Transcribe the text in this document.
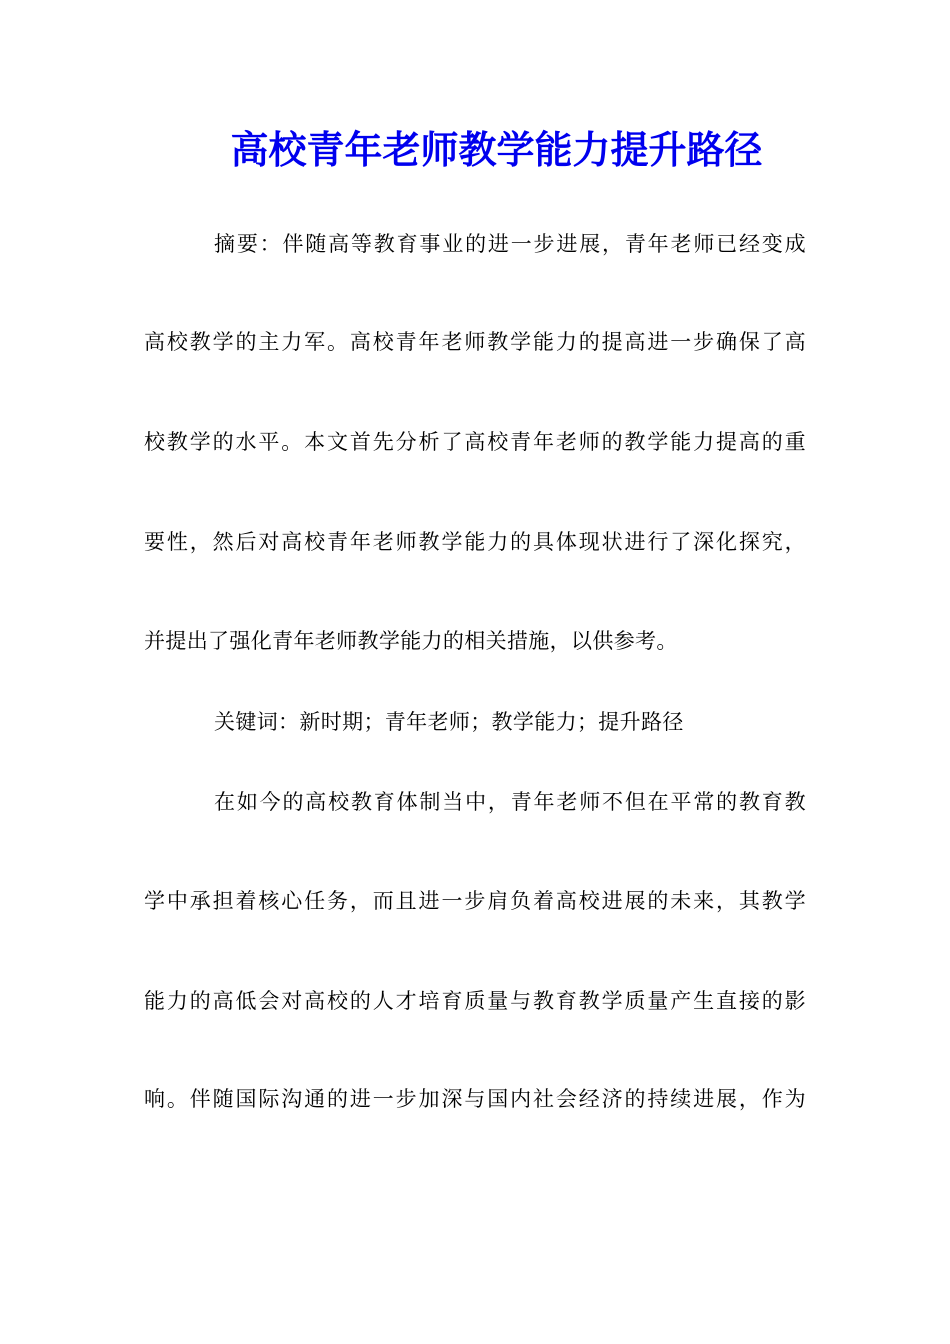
高校青年老师教学能力提升路径
摘要：伴随高等教育事业的进一步进展，青年老师已经变成
高校教学的主力军。高校青年老师教学能力的提高进一步确保了高
校教学的水平。本文首先分析了高校青年老师的教学能力提高的重
要性，然后对高校青年老师教学能力的具体现状进行了深化探究，
并提出了强化青年老师教学能力的相关措施，以供参考。
关键词：新时期；青年老师；教学能力；提升路径
在如今的高校教育体制当中，青年老师不但在平常的教育教
学中承担着核心任务，而且进一步肩负着高校进展的未来，其教学
能力的高低会对高校的人才培育质量与教育教学质量产生直接的影
响。伴随国际沟通的进一步加深与国内社会经济的持续进展，作为
